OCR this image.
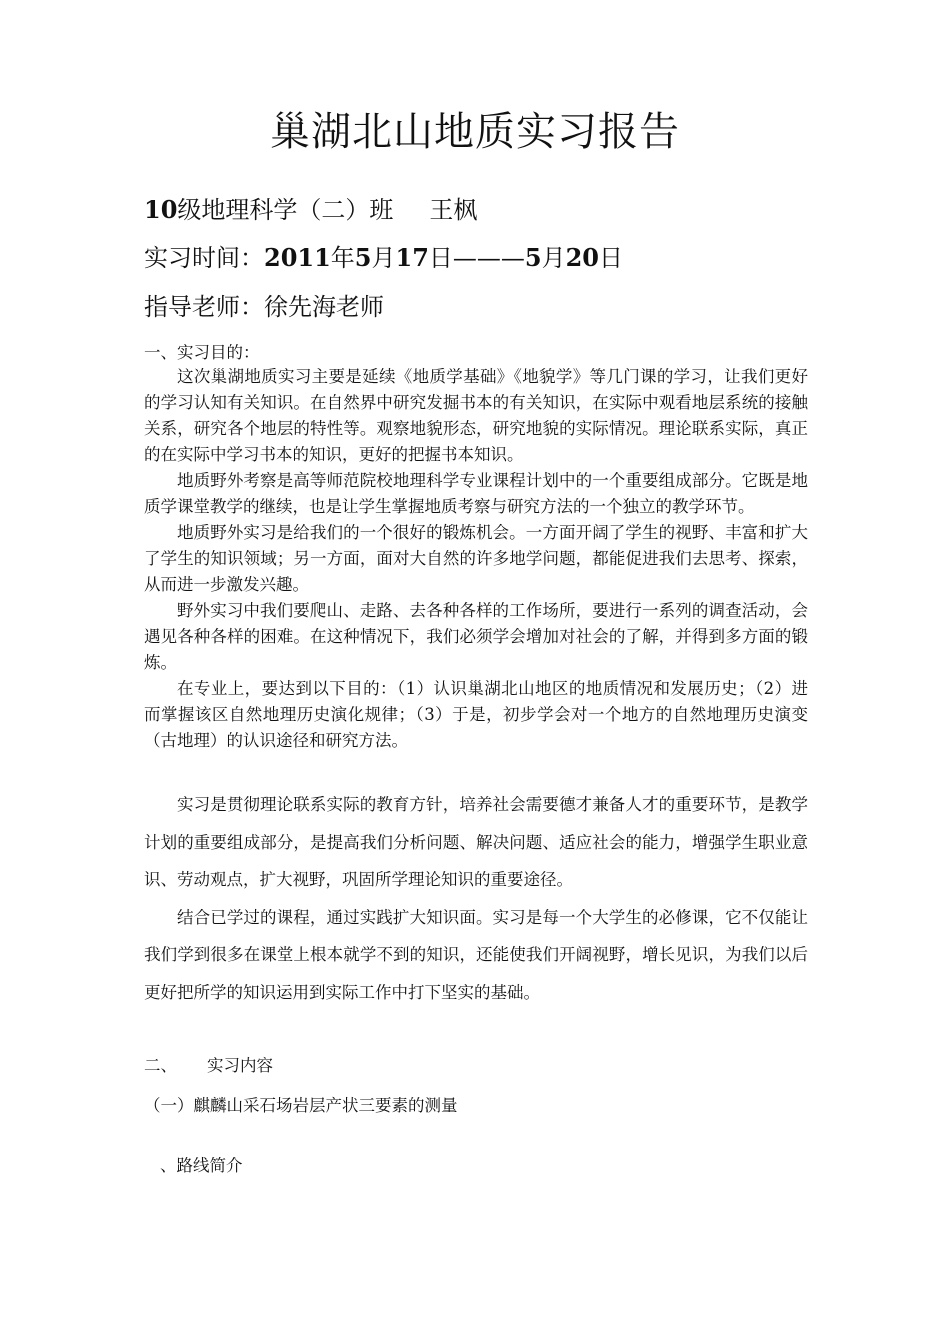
巢湖北山地质实习报告
10级地理科学（二）班 王枫
实习时间：2011年5月17日———5月20日
指导老师：徐先海老师
一、实习目的：

这次巢湖地质实习主要是延续《地质学基础》《地貌学》等几门课的学习，让我们更好的学习认知有关知识。在自然界中研究发掘书本的有关知识，在实际中观看地层系统的接触关系，研究各个地层的特性等。观察地貌形态，研究地貌的实际情况。理论联系实际，真正的在实际中学习书本的知识，更好的把握书本知识。

地质野外考察是高等师范院校地理科学专业课程计划中的一个重要组成部分。它既是地质学课堂教学的继续，也是让学生掌握地质考察与研究方法的一个独立的教学环节。

地质野外实习是给我们的一个很好的锻炼机会。一方面开阔了学生的视野、丰富和扩大了学生的知识领域；另一方面，面对大自然的许多地学问题，都能促进我们去思考、探索，从而进一步激发兴趣。

野外实习中我们要爬山、走路、去各种各样的工作场所，要进行一系列的调查活动，会遇见各种各样的困难。在这种情况下，我们必须学会增加对社会的了解，并得到多方面的锻炼。

在专业上，要达到以下目的：（1）认识巢湖北山地区的地质情况和发展历史；（2）进而掌握该区自然地理历史演化规律；（3）于是，初步学会对一个地方的自然地理历史演变（古地理）的认识途径和研究方法。

实习是贯彻理论联系实际的教育方针，培养社会需要德才兼备人才的重要环节，是教学计划的重要组成部分，是提高我们分析问题、解决问题、适应社会的能力，增强学生职业意识、劳动观点，扩大视野，巩固所学理论知识的重要途径。

结合已学过的课程，通过实践扩大知识面。实习是每一个大学生的必修课，它不仅能让我们学到很多在课堂上根本就学不到的知识，还能使我们开阔视野，增长见识，为我们以后更好把所学的知识运用到实际工作中打下坚实的基础。

二、 实习内容
（一）麒麟山采石场岩层产状三要素的测量
、路线简介
